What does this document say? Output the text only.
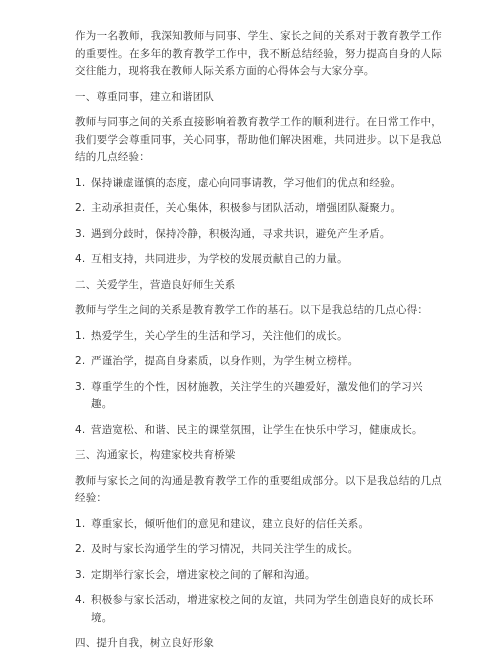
作为一名教师，我深知教师与同事、学生、家长之间的关系对于教育教学工作的重要性。在多年的教育教学工作中，我不断总结经验，努力提高自身的人际交往能力，现将我在教师人际关系方面的心得体会与大家分享。

一、尊重同事，建立和谐团队

教师与同事之间的关系直接影响着教育教学工作的顺利进行。在日常工作中，我们要学会尊重同事，关心同事，帮助他们解决困难，共同进步。以下是我总结的几点经验：

1. 保持谦虚谨慎的态度，虚心向同事请教，学习他们的优点和经验。
2. 主动承担责任，关心集体，积极参与团队活动，增强团队凝聚力。
3. 遇到分歧时，保持冷静，积极沟通，寻求共识，避免产生矛盾。
4. 互相支持，共同进步，为学校的发展贡献自己的力量。

二、关爱学生，营造良好师生关系

教师与学生之间的关系是教育教学工作的基石。以下是我总结的几点心得：

1. 热爱学生，关心学生的生活和学习，关注他们的成长。
2. 严谨治学，提高自身素质，以身作则，为学生树立榜样。
3. 尊重学生的个性，因材施教，关注学生的兴趣爱好，激发他们的学习兴趣。
4. 营造宽松、和谐、民主的课堂氛围，让学生在快乐中学习，健康成长。

三、沟通家长，构建家校共育桥梁

教师与家长之间的沟通是教育教学工作的重要组成部分。以下是我总结的几点经验：

1. 尊重家长，倾听他们的意见和建议，建立良好的信任关系。
2. 及时与家长沟通学生的学习情况，共同关注学生的成长。
3. 定期举行家长会，增进家校之间的了解和沟通。
4. 积极参与家长活动，增进家校之间的友谊，共同为学生创造良好的成长环境。

四、提升自我，树立良好形象
